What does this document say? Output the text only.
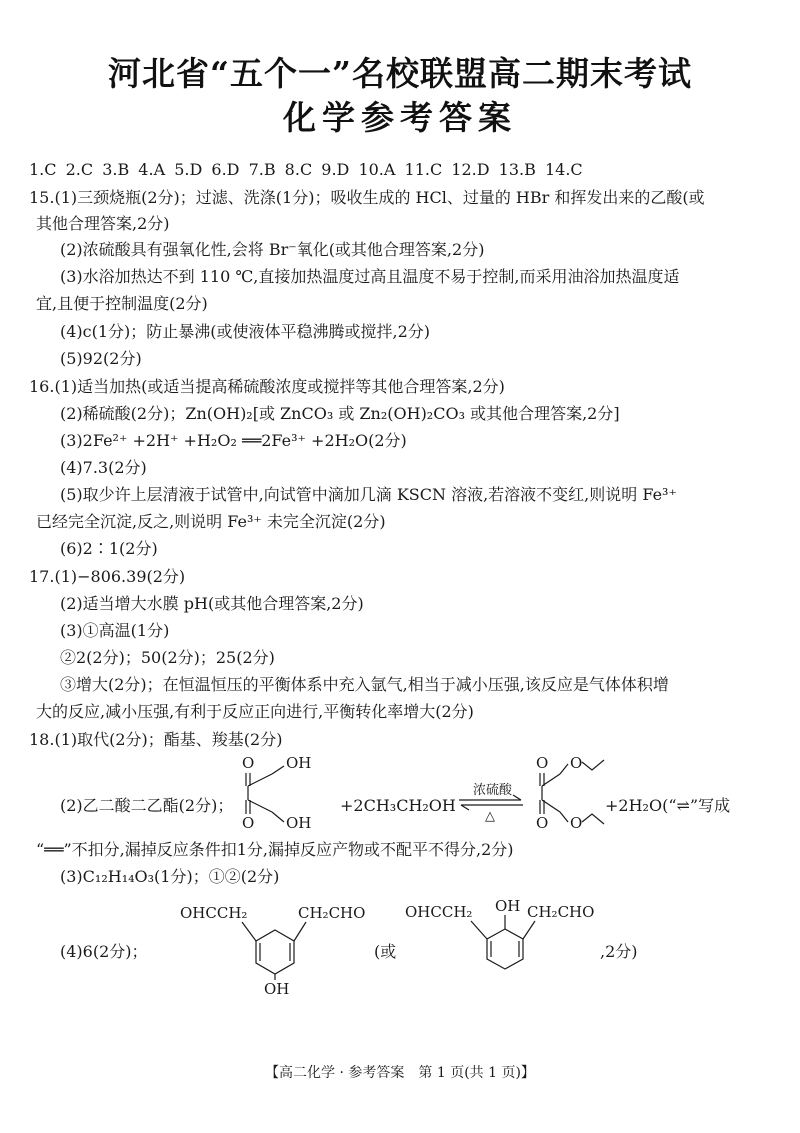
河北省“五个一”名校联盟高二期末考试
化学参考答案
1.C 2.C 3.B 4.A 5.D 6.D 7.B 8.C 9.D 10.A 11.C 12.D 13.B 14.C
15.(1)三颈烧瓶(2分)；过滤、洗涤(1分)；吸收生成的 HCl、过量的 HBr 和挥发出来的乙酸(或
其他合理答案,2分)
(2)浓硫酸具有强氧化性,会将 Br⁻氧化(或其他合理答案,2分)
(3)水浴加热达不到 110 ℃,直接加热温度过高且温度不易于控制,而采用油浴加热温度适
宜,且便于控制温度(2分)
(4)c(1分)；防止暴沸(或使液体平稳沸腾或搅拌,2分)
(5)92(2分)
16.(1)适当加热(或适当提高稀硫酸浓度或搅拌等其他合理答案,2分)
(2)稀硫酸(2分)；Zn(OH)₂[或 ZnCO₃ 或 Zn₂(OH)₂CO₃ 或其他合理答案,2分]
(3)2Fe²⁺ +2H⁺ +H₂O₂ ══2Fe³⁺ +2H₂O(2分)
(4)7.3(2分)
(5)取少许上层清液于试管中,向试管中滴加几滴 KSCN 溶液,若溶液不变红,则说明 Fe³⁺
已经完全沉淀,反之,则说明 Fe³⁺ 未完全沉淀(2分)
(6)2∶1(2分)
17.(1)−806.39(2分)
(2)适当增大水膜 pH(或其他合理答案,2分)
(3)①高温(1分)
②2(2分)；50(2分)；25(2分)
③增大(2分)；在恒温恒压的平衡体系中充入氩气,相当于减小压强,该反应是气体体积增
大的反应,减小压强,有利于反应正向进行,平衡转化率增大(2分)
18.(1)取代(2分)；酯基、羧基(2分)
(2)乙二酸二乙酯(2分)；
O OH
O OH
+2CH₃CH₂OH
浓硫酸
△
O O
O O
+2H₂O(“⇌”写成
“══”不扣分,漏掉反应条件扣1分,漏掉反应产物或不配平不得分,2分)
(3)C₁₂H₁₄O₃(1分)；①②(2分)
(4)6(2分)；
OHCCH₂	CH₂CHO
OH
(或
OHCCH₂ OH CH₂CHO
,2分)
【高二化学 · 参考答案　第 1 页(共 1 页)】
